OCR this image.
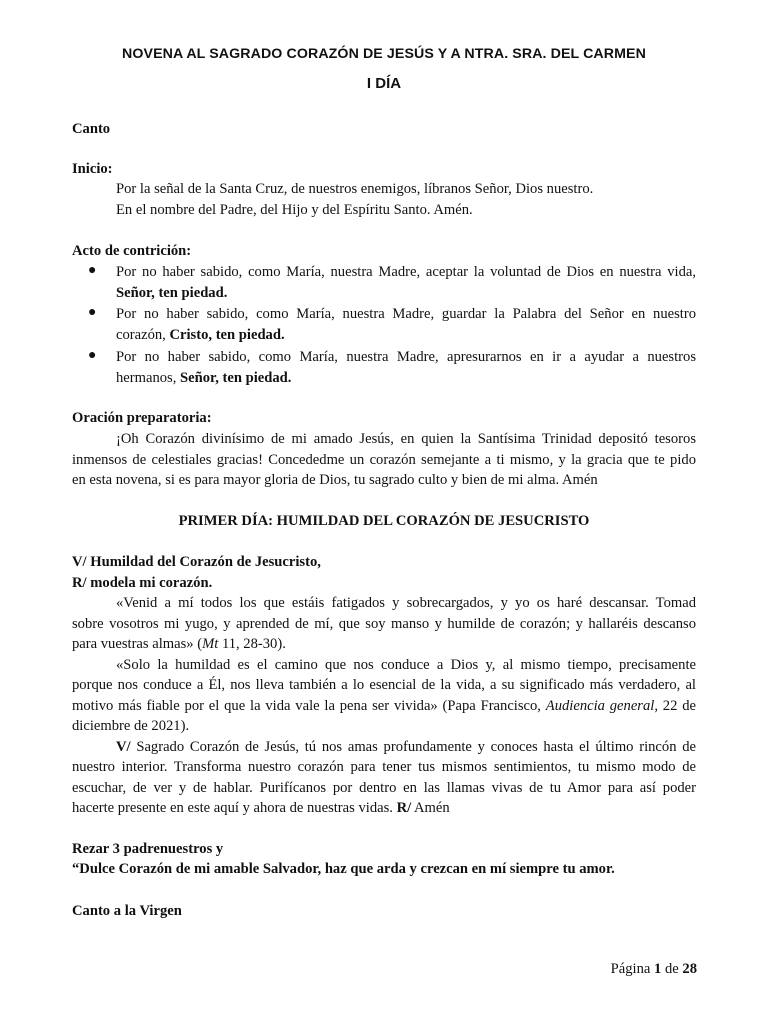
NOVENA AL SAGRADO CORAZÓN DE JESÚS Y A NTRA. SRA. DEL CARMEN
I DÍA
Canto
Inicio:
Por la señal de la Santa Cruz, de nuestros enemigos, líbranos Señor, Dios nuestro.
En el nombre del Padre, del Hijo y del Espíritu Santo. Amén.
Acto de contrición:
● Por no haber sabido, como María, nuestra Madre, aceptar la voluntad de Dios en nuestra vida,
Señor, ten piedad.
● Por no haber sabido, como María, nuestra Madre, guardar la Palabra del Señor en nuestro
corazón, Cristo, ten piedad.
● Por no haber sabido, como María, nuestra Madre, apresurarnos en ir a ayudar a nuestros
hermanos, Señor, ten piedad.
Oración preparatoria:
¡Oh Corazón divinísimo de mi amado Jesús, en quien la Santísima Trinidad depositó tesoros
inmensos de celestiales gracias! Concededme un corazón semejante a ti mismo, y la gracia que te pido
en esta novena, si es para mayor gloria de Dios, tu sagrado culto y bien de mi alma. Amén
PRIMER DÍA: HUMILDAD DEL CORAZÓN DE JESUCRISTO
V/ Humildad del Corazón de Jesucristo,
R/ modela mi corazón.
«Venid a mí todos los que estáis fatigados y sobrecargados, y yo os haré descansar. Tomad
sobre vosotros mi yugo, y aprended de mí, que soy manso y humilde de corazón; y hallaréis descanso
para vuestras almas» (Mt 11, 28-30).
«Solo la humildad es el camino que nos conduce a Dios y, al mismo tiempo, precisamente
porque nos conduce a Él, nos lleva también a lo esencial de la vida, a su significado más verdadero, al
motivo más fiable por el que la vida vale la pena ser vivida» (Papa Francisco, Audiencia general, 22 de
diciembre de 2021).
V/ Sagrado Corazón de Jesús, tú nos amas profundamente y conoces hasta el último rincón de
nuestro interior. Transforma nuestro corazón para tener tus mismos sentimientos, tu mismo modo de
escuchar, de ver y de hablar. Purifícanos por dentro en las llamas vivas de tu Amor para así poder
hacerte presente en este aquí y ahora de nuestras vidas. R/ Amén
Rezar 3 padrenuestros y
“Dulce Corazón de mi amable Salvador, haz que arda y crezcan en mí siempre tu amor.
Canto a la Virgen
Página 1 de 28
